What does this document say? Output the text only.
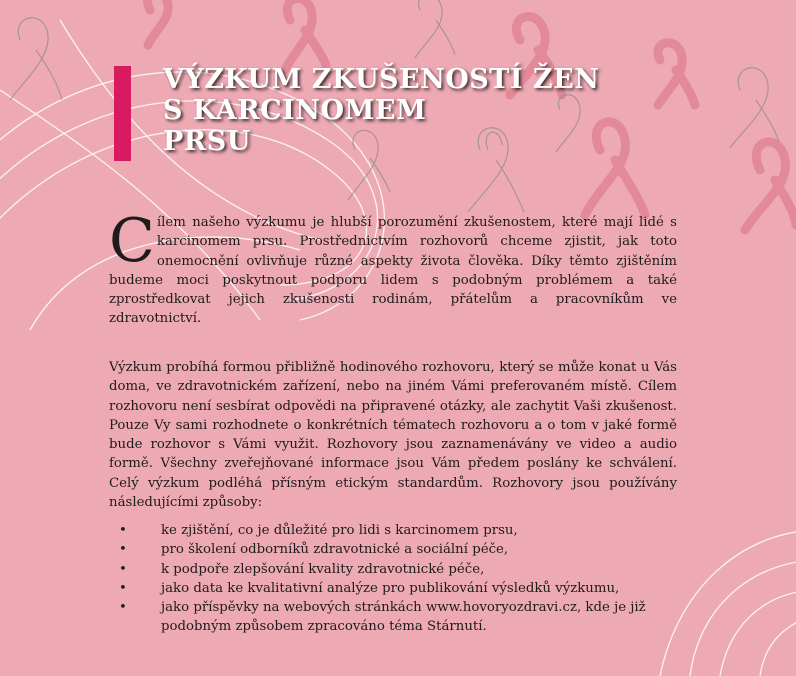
VÝZKUM ZKUŠENOSTÍ ŽEN
S KARCINOMEM
PRSU

C ílem našeho výzkumu je hlubší porozumění zkušenostem, které mají lidé s karcinomem prsu. Prostřednictvím rozhovorů chceme zjistit, jak toto onemocnění ovlivňuje různé aspekty života člověka. Díky těmto zjištěním budeme moci poskytnout podporu lidem s podobným problémem a také zprostředkovat jejich zkušenosti rodinám, přátelům a pracovníkům ve zdravotnictví.

Výzkum probíhá formou přibližně hodinového rozhovoru, který se může konat u Vás doma, ve zdravotnickém zařízení, nebo na jiném Vámi preferovaném místě. Cílem rozhovoru není sesbírat odpovědi na připravené otázky, ale zachytit Vaši zkušenost. Pouze Vy sami rozhodnete o konkrétních tématech rozhovoru a o tom v jaké formě bude rozhovor s Vámi využit. Rozhovory jsou zaznamenávány ve video a audio formě. Všechny zveřejňované informace jsou Vám předem poslány ke schválení. Celý výzkum podléhá přísným etickým standardům. Rozhovory jsou používány následujícími způsoby:

•	ke zjištění, co je důležité pro lidi s karcinomem prsu,
•	pro školení odborníků zdravotnické a sociální péče,
•	k podpoře zlepšování kvality zdravotnické péče,
•	jako data ke kvalitativní analýze pro publikování výsledků výzkumu,
•	jako příspěvky na webových stránkách www.hovoryozdravi.cz, kde je již podobným způsobem zpracováno téma Stárnutí.
